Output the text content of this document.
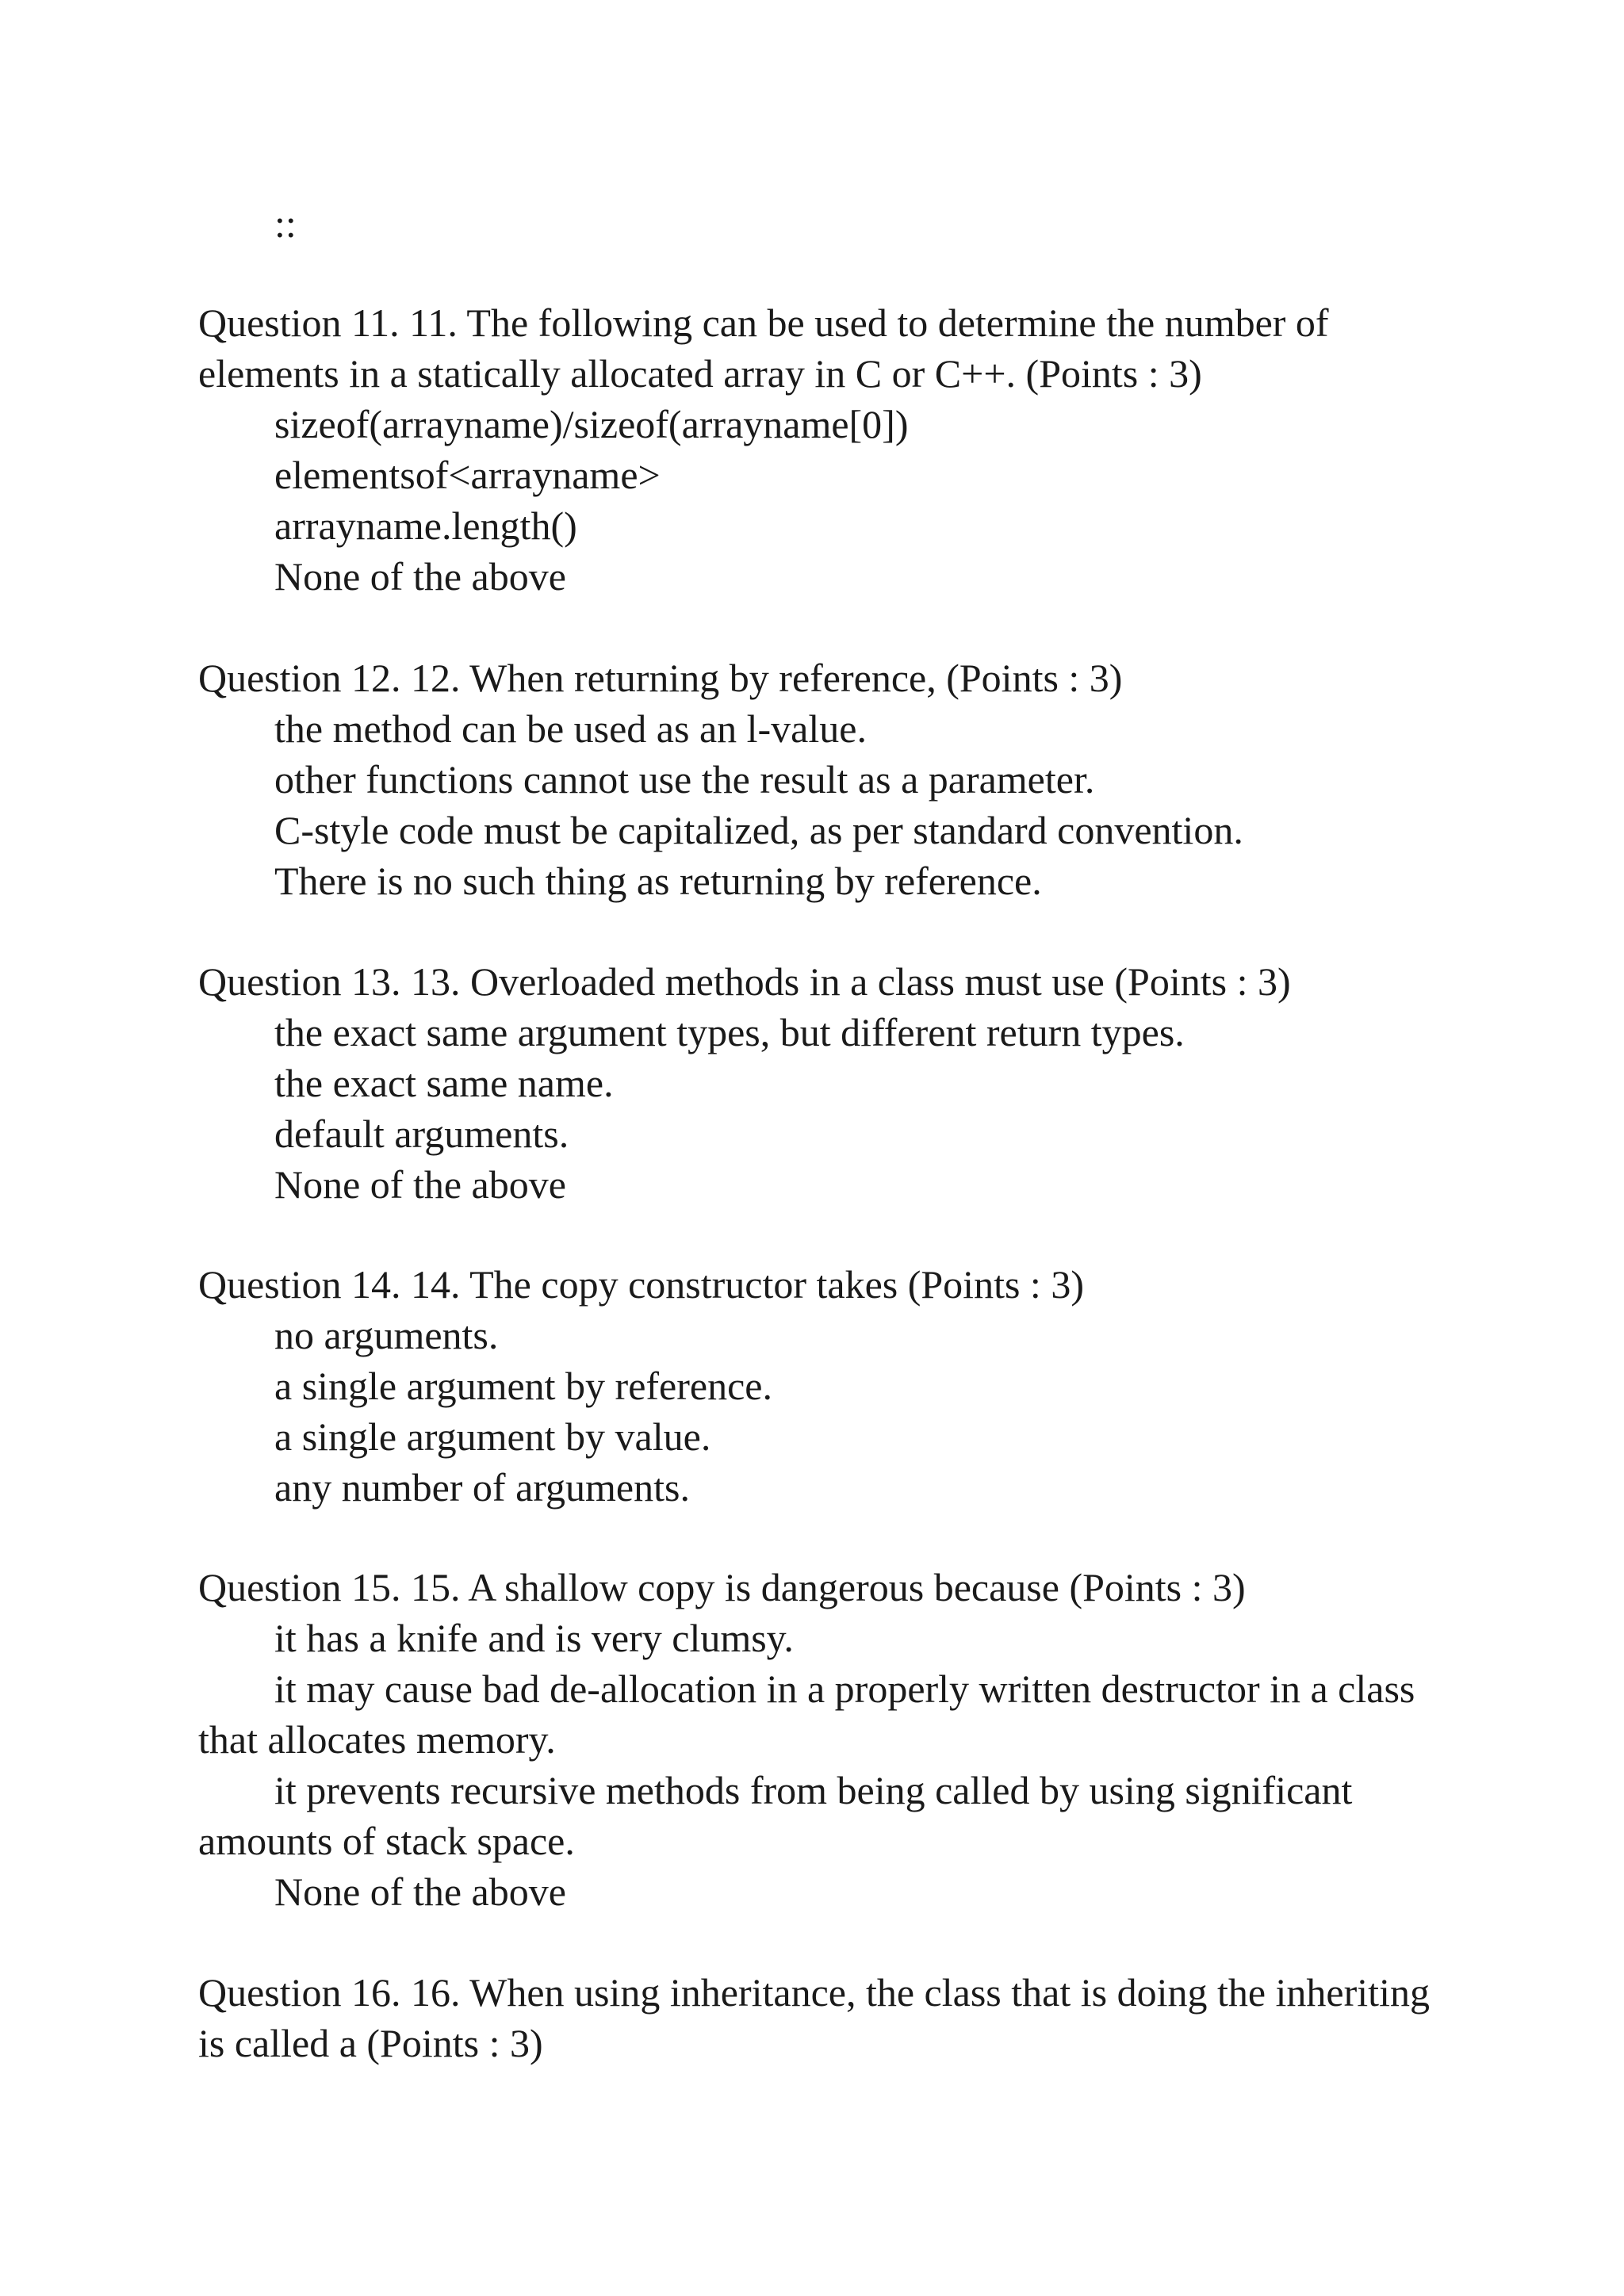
::

Question 11. 11. The following can be used to determine the number of elements in a statically allocated array in C or C++. (Points : 3)

sizeof(arrayname)/sizeof(arrayname[0])

elementsof<arrayname>

arrayname.length()

None of the above

Question 12. 12. When returning by reference, (Points : 3)

the method can be used as an l-value.

other functions cannot use the result as a parameter.

C-style code must be capitalized, as per standard convention.

There is no such thing as returning by reference.

Question 13. 13. Overloaded methods in a class must use (Points : 3)

the exact same argument types, but different return types.

the exact same name.

default arguments.

None of the above

Question 14. 14. The copy constructor takes (Points : 3)

no arguments.

a single argument by reference.

a single argument by value.

any number of arguments.

Question 15. 15. A shallow copy is dangerous because (Points : 3)

it has a knife and is very clumsy.

it may cause bad de-allocation in a properly written destructor in a class that allocates memory.

it prevents recursive methods from being called by using significant amounts of stack space.

None of the above

Question 16. 16. When using inheritance, the class that is doing the inheriting is called a (Points : 3)
